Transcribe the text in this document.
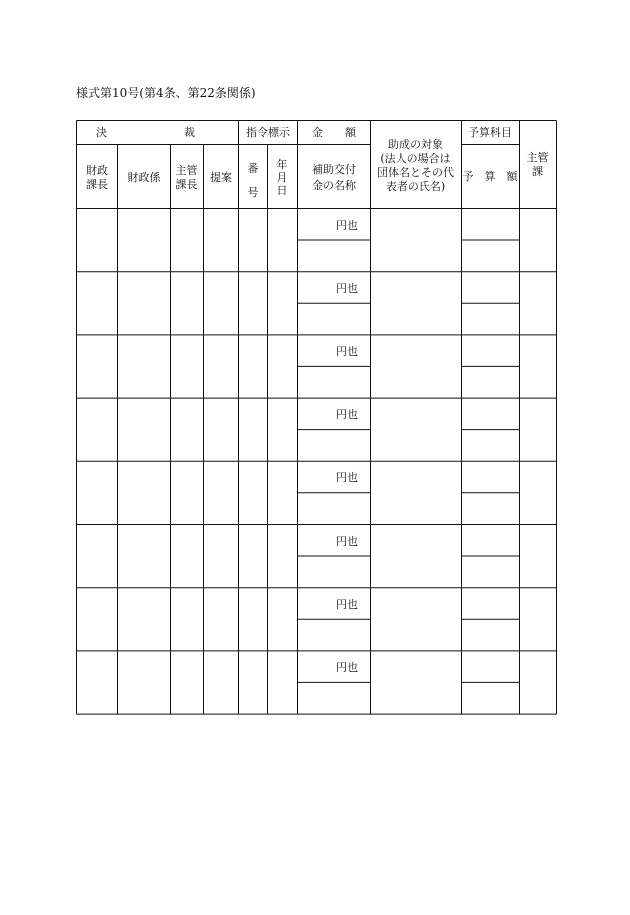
様式第10号(第4条、第22条関係)
決　　　　　　　裁	指令標示	金　　額
助成の対象
(法人の場合は
団体名とその代
表者の氏名)
予算科目
予　算　額
主管
課
財政
課長
財政係
主管
課長
提案
番
号
年
月
日
補助交付
金の名称
円也
円也
円也
円也
円也
円也
円也
円也
